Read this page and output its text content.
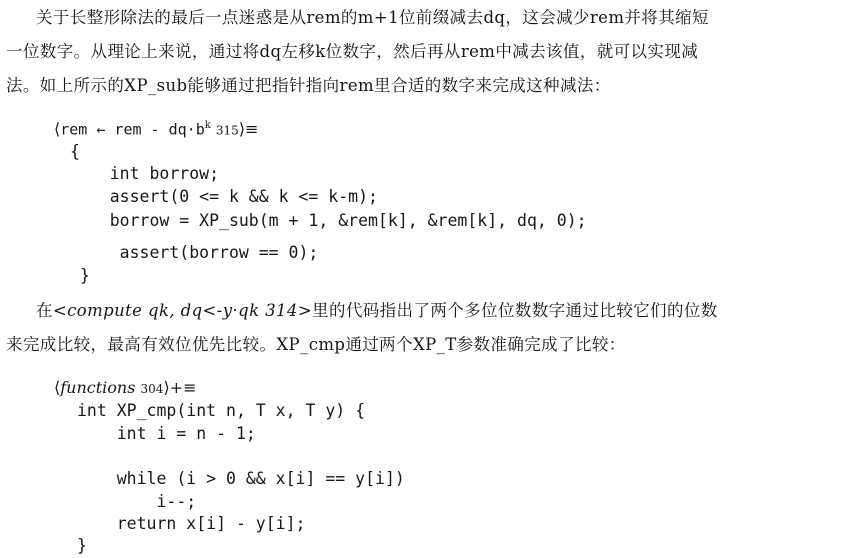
关于长整形除法的最后一点迷惑是从rem的m+1位前缀减去dq，这会减少rem并将其缩短
一位数字。从理论上来说，通过将dq左移k位数字，然后再从rem中减去该值，就可以实现减
法。如上所示的XP_sub能够通过把指针指向rem里合适的数字来完成这种减法：
⟨rem ← rem - $dq\cdot b^k$ 315⟩≡
{
int borrow;
assert(0 <= k && k <= k-m);
borrow = XP_sub(m + 1, &rem[k], &rem[k], dq, 0);
assert(borrow == 0);
}
在<compute qk, dq<-y·qk 314>里的代码指出了两个多位位数数字通过比较它们的位数
来完成比较，最高有效位优先比较。XP_cmp通过两个XP_T参数准确完成了比较：
⟨functions 304⟩+≡
int XP_cmp(int n, T x, T y) {
int i = n - 1;
while (i > 0 && x[i] == y[i])
i--;
return x[i] - y[i];
}
